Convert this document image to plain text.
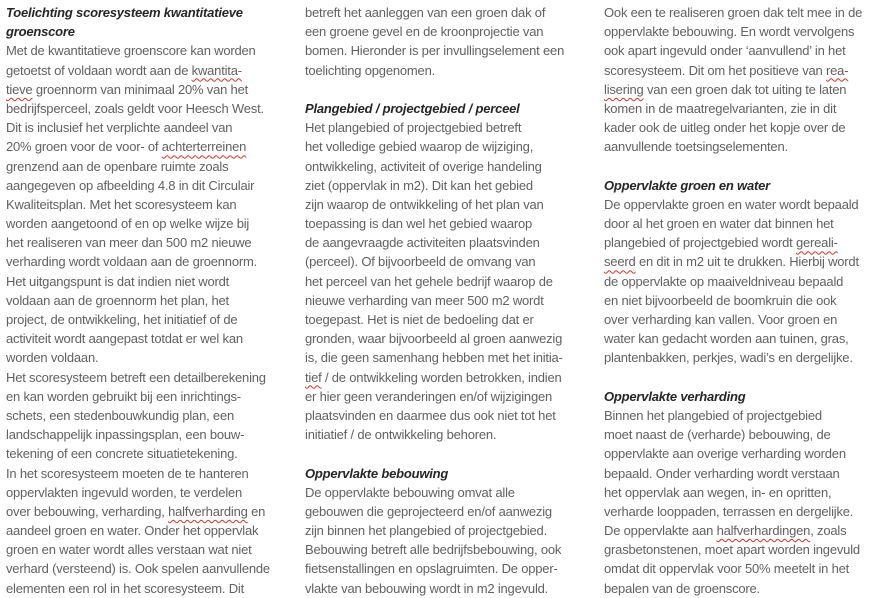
Toelichting scoresysteem kwantitatieve
groenscore
Met de kwantitatieve groenscore kan worden
getoetst of voldaan wordt aan de kwantita-
tieve groennorm van minimaal 20% van het
bedrijfsperceel, zoals geldt voor Heesch West.
Dit is inclusief het verplichte aandeel van
20% groen voor de voor- of achterterreinen
grenzend aan de openbare ruimte zoals
aangegeven op afbeelding 4.8 in dit Circulair
Kwaliteitsplan. Met het scoresysteem kan
worden aangetoond of en op welke wijze bij
het realiseren van meer dan 500 m2 nieuwe
verharding wordt voldaan aan de groennorm.
Het uitgangspunt is dat indien niet wordt
voldaan aan de groennorm het plan, het
project, de ontwikkeling, het initiatief of de
activiteit wordt aangepast totdat er wel kan
worden voldaan.
Het scoresysteem betreft een detailberekening
en kan worden gebruikt bij een inrichtings-
schets, een stedenbouwkundig plan, een
landschappelijk inpassingsplan, een bouw-
tekening of een concrete situatietekening.
In het scoresysteem moeten de te hanteren
oppervlakten ingevuld worden, te verdelen
over bebouwing, verharding, halfverharding en
aandeel groen en water. Onder het oppervlak
groen en water wordt alles verstaan wat niet
verhard (versteend) is. Ook spelen aanvullende
elementen een rol in het scoresysteem. Dit
betreft het aanleggen van een groen dak of
een groene gevel en de kroonprojectie van
bomen. Hieronder is per invullingselement een
toelichting opgenomen.
Plangebied / projectgebied / perceel
Het plangebied of projectgebied betreft
het volledige gebied waarop de wijziging,
ontwikkeling, activiteit of overige handeling
ziet (oppervlak in m2). Dit kan het gebied
zijn waarop de ontwikkeling of het plan van
toepassing is dan wel het gebied waarop
de aangevraagde activiteiten plaatsvinden
(perceel). Of bijvoorbeeld de omvang van
het perceel van het gehele bedrijf waarop de
nieuwe verharding van meer 500 m2 wordt
toegepast. Het is niet de bedoeling dat er
gronden, waar bijvoorbeeld al groen aanwezig
is, die geen samenhang hebben met het initia-
tief / de ontwikkeling worden betrokken, indien
er hier geen veranderingen en/of wijzigingen
plaatsvinden en daarmee dus ook niet tot het
initiatief / de ontwikkeling behoren.
Oppervlakte bebouwing
De oppervlakte bebouwing omvat alle
gebouwen die geprojecteerd en/of aanwezig
zijn binnen het plangebied of projectgebied.
Bebouwing betreft alle bedrijfsbebouwing, ook
fietsenstallingen en opslagruimten. De opper-
vlakte van bebouwing wordt in m2 ingevuld.
Ook een te realiseren groen dak telt mee in de
oppervlakte bebouwing. En wordt vervolgens
ook apart ingevuld onder ‘aanvullend’ in het
scoresysteem. Dit om het positieve van rea-
lisering van een groen dak tot uiting te laten
komen in de maatregelvarianten, zie in dit
kader ook de uitleg onder het kopje over de
aanvullende toetsingselementen.
Oppervlakte groen en water
De oppervlakte groen en water wordt bepaald
door al het groen en water dat binnen het
plangebied of projectgebied wordt gereali-
seerd en dit in m2 uit te drukken. Hierbij wordt
de oppervlakte op maaiveldniveau bepaald
en niet bijvoorbeeld de boomkruin die ook
over verharding kan vallen. Voor groen en
water kan gedacht worden aan tuinen, gras,
plantenbakken, perkjes, wadi’s en dergelijke.
Oppervlakte verharding
Binnen het plangebied of projectgebied
moet naast de (verharde) bebouwing, de
oppervlakte aan overige verharding worden
bepaald. Onder verharding wordt verstaan
het oppervlak aan wegen, in- en opritten,
verharde looppaden, terrassen en dergelijke.
De oppervlakte aan halfverhardingen, zoals
grasbetonstenen, moet apart worden ingevuld
omdat dit oppervlak voor 50% meetelt in het
bepalen van de groenscore.
